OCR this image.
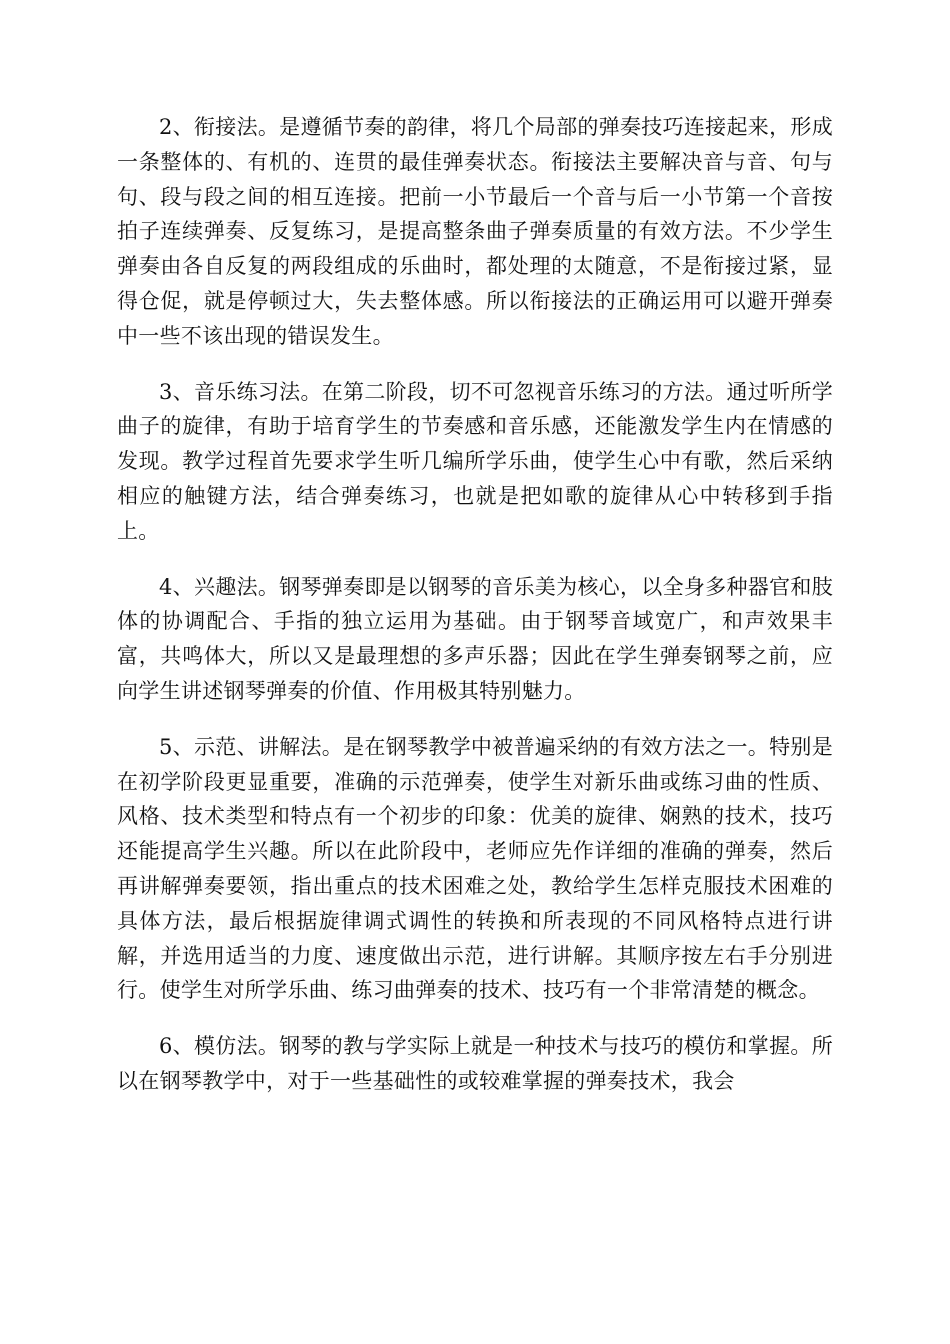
2、衔接法。是遵循节奏的韵律，将几个局部的弹奏技巧连接起来，形成一条整体的、有机的、连贯的最佳弹奏状态。衔接法主要解决音与音、句与句、段与段之间的相互连接。把前一小节最后一个音与后一小节第一个音按拍子连续弹奏、反复练习，是提高整条曲子弹奏质量的有效方法。不少学生弹奏由各自反复的两段组成的乐曲时，都处理的太随意，不是衔接过紧，显得仓促，就是停顿过大，失去整体感。所以衔接法的正确运用可以避开弹奏中一些不该出现的错误发生。

3、音乐练习法。在第二阶段，切不可忽视音乐练习的方法。通过听所学曲子的旋律，有助于培育学生的节奏感和音乐感，还能激发学生内在情感的发现。教学过程首先要求学生听几编所学乐曲，使学生心中有歌，然后采纳相应的触键方法，结合弹奏练习，也就是把如歌的旋律从心中转移到手指上。

4、兴趣法。钢琴弹奏即是以钢琴的音乐美为核心，以全身多种器官和肢体的协调配合、手指的独立运用为基础。由于钢琴音域宽广，和声效果丰富，共鸣体大，所以又是最理想的多声乐器；因此在学生弹奏钢琴之前，应向学生讲述钢琴弹奏的价值、作用极其特别魅力。

5、示范、讲解法。是在钢琴教学中被普遍采纳的有效方法之一。特别是在初学阶段更显重要，准确的示范弹奏，使学生对新乐曲或练习曲的性质、风格、技术类型和特点有一个初步的印象：优美的旋律、娴熟的技术，技巧还能提高学生兴趣。所以在此阶段中，老师应先作详细的准确的弹奏，然后再讲解弹奏要领，指出重点的技术困难之处，教给学生怎样克服技术困难的具体方法，最后根据旋律调式调性的转换和所表现的不同风格特点进行讲解，并选用适当的力度、速度做出示范，进行讲解。其顺序按左右手分别进行。使学生对所学乐曲、练习曲弹奏的技术、技巧有一个非常清楚的概念。

6、模仿法。钢琴的教与学实际上就是一种技术与技巧的模仿和掌握。所以在钢琴教学中，对于一些基础性的或较难掌握的弹奏技术，我会
